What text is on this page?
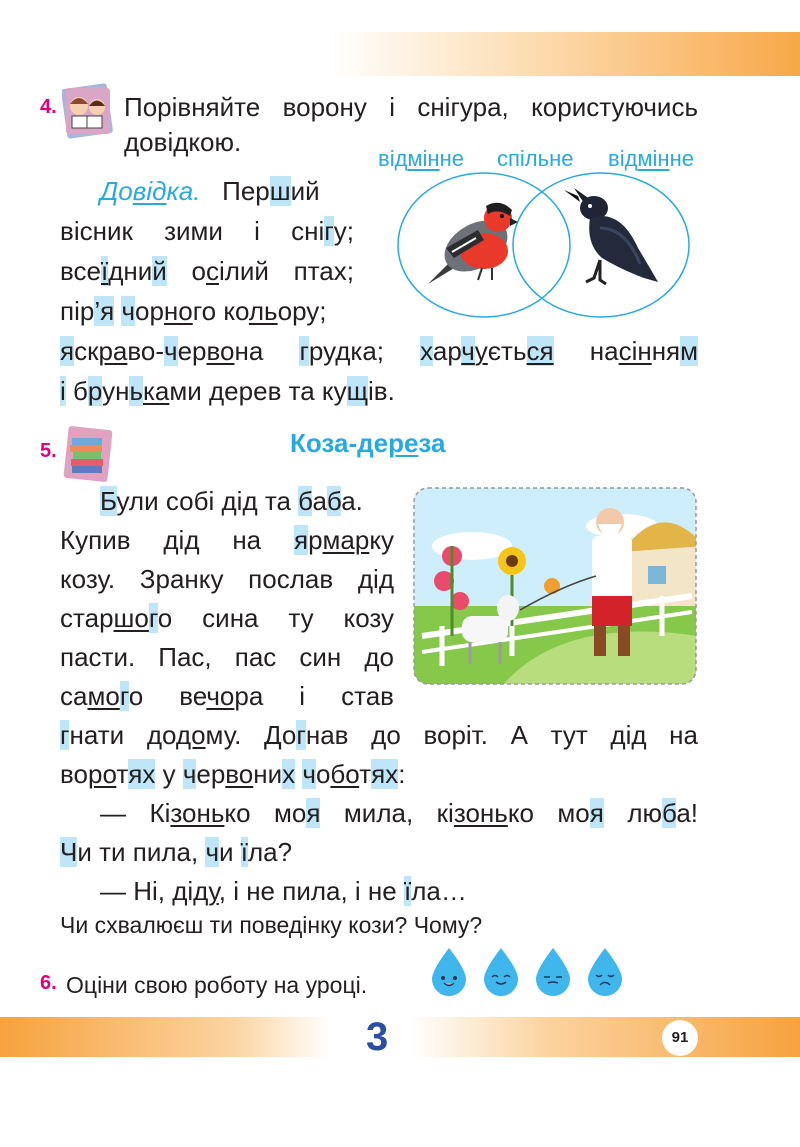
4.	Порівняйте ворону і снігура, користуючись
довідкою.
відмінне спільне відмінне
Довідка.   Перший
вісник зими і снігу;
всеїдний осілий птах;
пір’я чорного кольору;
яскраво-червона грудка; харчується насінням
і бруньками дерев та кущів.
5.	Коза-дереза
Були собі дід та баба.
Купив дід на ярмарку
козу. Зранку послав дід
старшого сина ту козу
пасти. Пас, пас син до
самого вечора і став
гнати додому. Догнав до воріт. А тут дід на
воротях у червоних чоботях:
— Кізонько моя мила, кізонько моя люба!
Чи ти пила, чи їла?
— Ні, діду, і не пила, і не їла…
Чи схвалюєш ти поведінку кози? Чому?
6. Оціни свою роботу на уроці.
3	91
